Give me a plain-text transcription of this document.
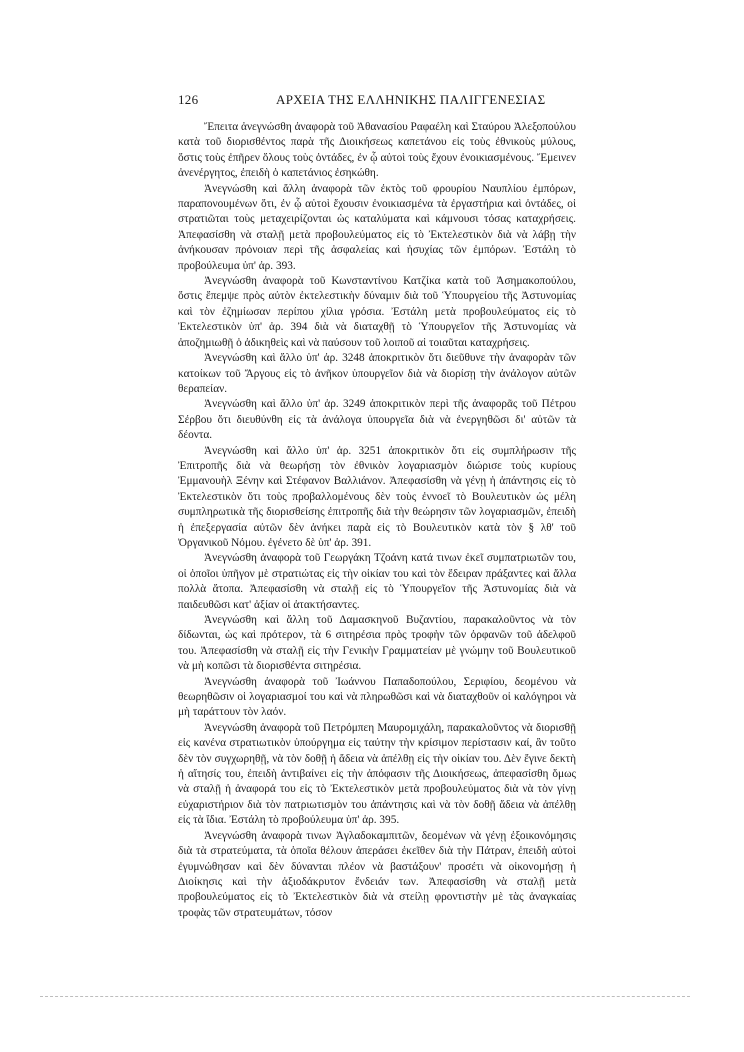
126	ΑΡΧΕΙΑ ΤΗΣ ΕΛΛΗΝΙΚΗΣ ΠΑΛΙΓΓΕΝΕΣΙΑΣ

Ἔπειτα ἀνεγνώσθη ἀναφορὰ τοῦ Ἀθανασίου Ραφαέλη καὶ Σταύρου Ἀλεξοπούλου κατὰ τοῦ διορισθέντος παρὰ τῆς Διοικήσεως καπετάνου εἰς τοὺς ἐθνικοὺς μύλους, ὅστις τοὺς ἐπῆρεν ὅλους τοὺς ὀντάδες, ἐν ᾧ αὐτοὶ τοὺς ἔχουν ἐνοικιασμένους. Ἔμεινεν ἀνενέργητος, ἐπειδὴ ὁ καπετάνιος ἐσηκώθη.

Ἀνεγνώσθη καὶ ἄλλη ἀναφορὰ τῶν ἐκτὸς τοῦ φρουρίου Ναυπλίου ἐμπόρων, παραπονουμένων ὅτι, ἐν ᾧ αὐτοὶ ἔχουσιν ἐνοικιασμένα τὰ ἐργαστήρια καὶ ὀντάδες, οἱ στρατιῶται τοὺς μεταχειρίζονται ὡς καταλύματα καὶ κάμνουσι τόσας καταχρήσεις. Ἀπεφασίσθη νὰ σταλῇ μετὰ προβουλεύματος εἰς τὸ Ἐκτελεστικὸν διὰ νὰ λάβῃ τὴν ἀνήκουσαν πρόνοιαν περὶ τῆς ἀσφαλείας καὶ ἡσυχίας τῶν ἐμπόρων. Ἐστάλη τὸ προβούλευμα ὑπ' ἀρ. 393.

Ἀνεγνώσθη ἀναφορὰ τοῦ Κωνσταντίνου Κατζίκα κατὰ τοῦ Ἀσημακοπούλου, ὅστις ἔπεμψε πρὸς αὐτὸν ἐκτελεστικὴν δύναμιν διὰ τοῦ Ὑπουργείου τῆς Ἀστυνομίας καὶ τὸν ἐζημίωσαν περίπου χίλια γρόσια. Ἐστάλη μετὰ προβουλεύματος εἰς τὸ Ἐκτελεστικὸν ὑπ' ἀρ. 394 διὰ νὰ διαταχθῇ τὸ Ὑπουργεῖον τῆς Ἀστυνομίας νὰ ἀποζημιωθῇ ὁ ἀδικηθεὶς καὶ νὰ παύσουν τοῦ λοιποῦ αἱ τοιαῦται καταχρήσεις.

Ἀνεγνώσθη καὶ ἄλλο ὑπ' ἀρ. 3248 ἀποκριτικὸν ὅτι διεῦθυνε τὴν ἀναφορὰν τῶν κατοίκων τοῦ Ἄργους εἰς τὸ ἀνῆκον ὑπουργεῖον διὰ νὰ διορίσῃ τὴν ἀνάλογον αὐτῶν θεραπείαν.

Ἀνεγνώσθη καὶ ἄλλο ὑπ' ἀρ. 3249 ἀποκριτικὸν περὶ τῆς ἀναφορᾶς τοῦ Πέτρου Σέρβου ὅτι διευθύνθη εἰς τὰ ἀνάλογα ὑπουργεῖα διὰ νὰ ἐνεργηθῶσι δι' αὐτῶν τὰ δέοντα.

Ἀνεγνώσθη καὶ ἄλλο ὑπ' ἀρ. 3251 ἀποκριτικὸν ὅτι εἰς συμπλήρωσιν τῆς Ἐπιτροπῆς διὰ νὰ θεωρήσῃ τὸν ἐθνικὸν λογαριασμὸν διώρισε τοὺς κυρίους Ἐμμανουὴλ Ξένην καὶ Στέφανον Βαλλιάνον. Ἀπεφασίσθη νὰ γένῃ ἡ ἀπάντησις εἰς τὸ Ἐκτελεστικὸν ὅτι τοὺς προβαλλομένους δὲν τοὺς ἐννοεῖ τὸ Βουλευτικὸν ὡς μέλη συμπληρωτικὰ τῆς διορισθείσης ἐπιτροπῆς διὰ τὴν θεώρησιν τῶν λογαριασμῶν, ἐπειδὴ ἡ ἐπεξεργασία αὐτῶν δὲν ἀνήκει παρὰ εἰς τὸ Βουλευτικὸν κατὰ τὸν § λθ' τοῦ Ὀργανικοῦ Νόμου. ἐγένετο δὲ ὑπ' ἀρ. 391.

Ἀνεγνώσθη ἀναφορὰ τοῦ Γεωργάκη Τζοάνη κατά τινων ἐκεῖ συμπατριωτῶν του, οἱ ὁποῖοι ὑπῆγον μὲ στρατιώτας εἰς τὴν οἰκίαν του καὶ τὸν ἔδειραν πράξαντες καὶ ἄλλα πολλὰ ἄτοπα. Ἀπεφασίσθη νὰ σταλῇ εἰς τὸ Ὑπουργεῖον τῆς Ἀστυνομίας διὰ νὰ παιδευθῶσι κατ' ἀξίαν οἱ ἀτακτήσαντες.

Ἀνεγνώσθη καὶ ἄλλη τοῦ Δαμασκηνοῦ Βυζαντίου, παρακαλοῦντος νὰ τὸν δίδωνται, ὡς καὶ πρότερον, τὰ 6 σιτηρέσια πρὸς τροφὴν τῶν ὀρφανῶν τοῦ ἀδελφοῦ του. Ἀπεφασίσθη νὰ σταλῇ εἰς τὴν Γενικὴν Γραμματείαν μὲ γνώμην τοῦ Βουλευτικοῦ νὰ μὴ κοπῶσι τὰ διορισθέντα σιτηρέσια.

Ἀνεγνώσθη ἀναφορὰ τοῦ Ἰωάννου Παπαδοπούλου, Σεριφίου, δεομένου νὰ θεωρηθῶσιν οἱ λογαριασμοί του καὶ νὰ πληρωθῶσι καὶ νὰ διαταχθοῦν οἱ καλόγηροι νὰ μὴ ταράττουν τὸν λαόν.

Ἀνεγνώσθη ἀναφορὰ τοῦ Πετρόμπεη Μαυρομιχάλη, παρακαλοῦντος νὰ διορισθῇ εἰς κανένα στρατιωτικὸν ὑπούργημα εἰς ταύτην τὴν κρίσιμον περίστασιν καί, ἂν τοῦτο δὲν τὸν συγχωρηθῇ, νὰ τὸν δοθῇ ἡ ἄδεια νὰ ἀπέλθῃ εἰς τὴν οἰκίαν του. Δὲν ἔγινε δεκτὴ ἡ αἴτησίς του, ἐπειδὴ ἀντιβαίνει εἰς τὴν ἀπόφασιν τῆς Διοικήσεως, ἀπεφασίσθη ὅμως νὰ σταλῇ ἡ ἀναφορά του εἰς τὸ Ἐκτελεστικὸν μετὰ προβουλεύματος διὰ νὰ τὸν γίνῃ εὐχαριστήριον διὰ τὸν πατριωτισμὸν του ἀπάντησις καὶ νὰ τὸν δοθῇ ἄδεια νὰ ἀπέλθῃ εἰς τὰ ἴδια. Ἐστάλη τὸ προβούλευμα ὑπ' ἀρ. 395.

Ἀνεγνώσθη ἀναφορὰ τινων Ἀγλαδοκαμπιτῶν, δεομένων νὰ γένῃ ἐξοικονόμησις διὰ τὰ στρατεύματα, τὰ ὁποῖα θέλουν ἀπεράσει ἐκεῖθεν διὰ τὴν Πάτραν, ἐπειδὴ αὐτοὶ ἐγυμνώθησαν καὶ δὲν δύνανται πλέον νὰ βαστάξουν' προσέτι νὰ οἰκονομήσῃ ἡ Διοίκησις καὶ τὴν ἀξιοδάκρυτον ἔνδειάν των. Ἀπεφασίσθη νὰ σταλῇ μετὰ προβουλεύματος εἰς τὸ Ἐκτελεστικὸν διὰ νὰ στείλῃ φροντιστὴν μὲ τὰς ἀναγκαίας τροφὰς τῶν στρατευμάτων, τόσον
